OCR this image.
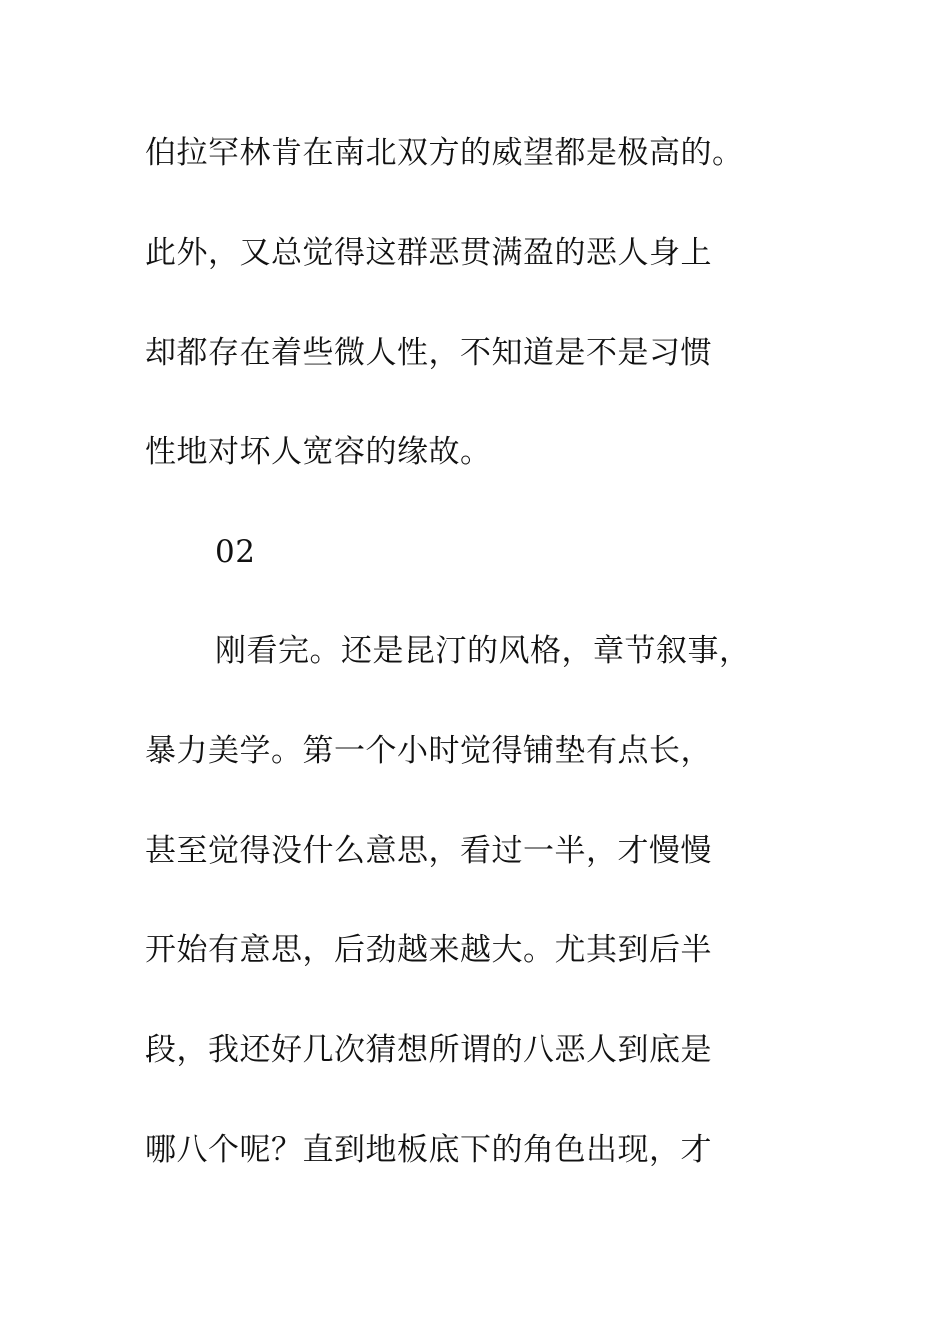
伯拉罕林肯在南北双方的威望都是极高的。

此外，又总觉得这群恶贯满盈的恶人身上

却都存在着些微人性，不知道是不是习惯

性地对坏人宽容的缘故。

02

刚看完。还是昆汀的风格，章节叙事，

暴力美学。第一个小时觉得铺垫有点长，

甚至觉得没什么意思，看过一半，才慢慢

开始有意思，后劲越来越大。尤其到后半

段，我还好几次猜想所谓的八恶人到底是

哪八个呢？直到地板底下的角色出现，才
